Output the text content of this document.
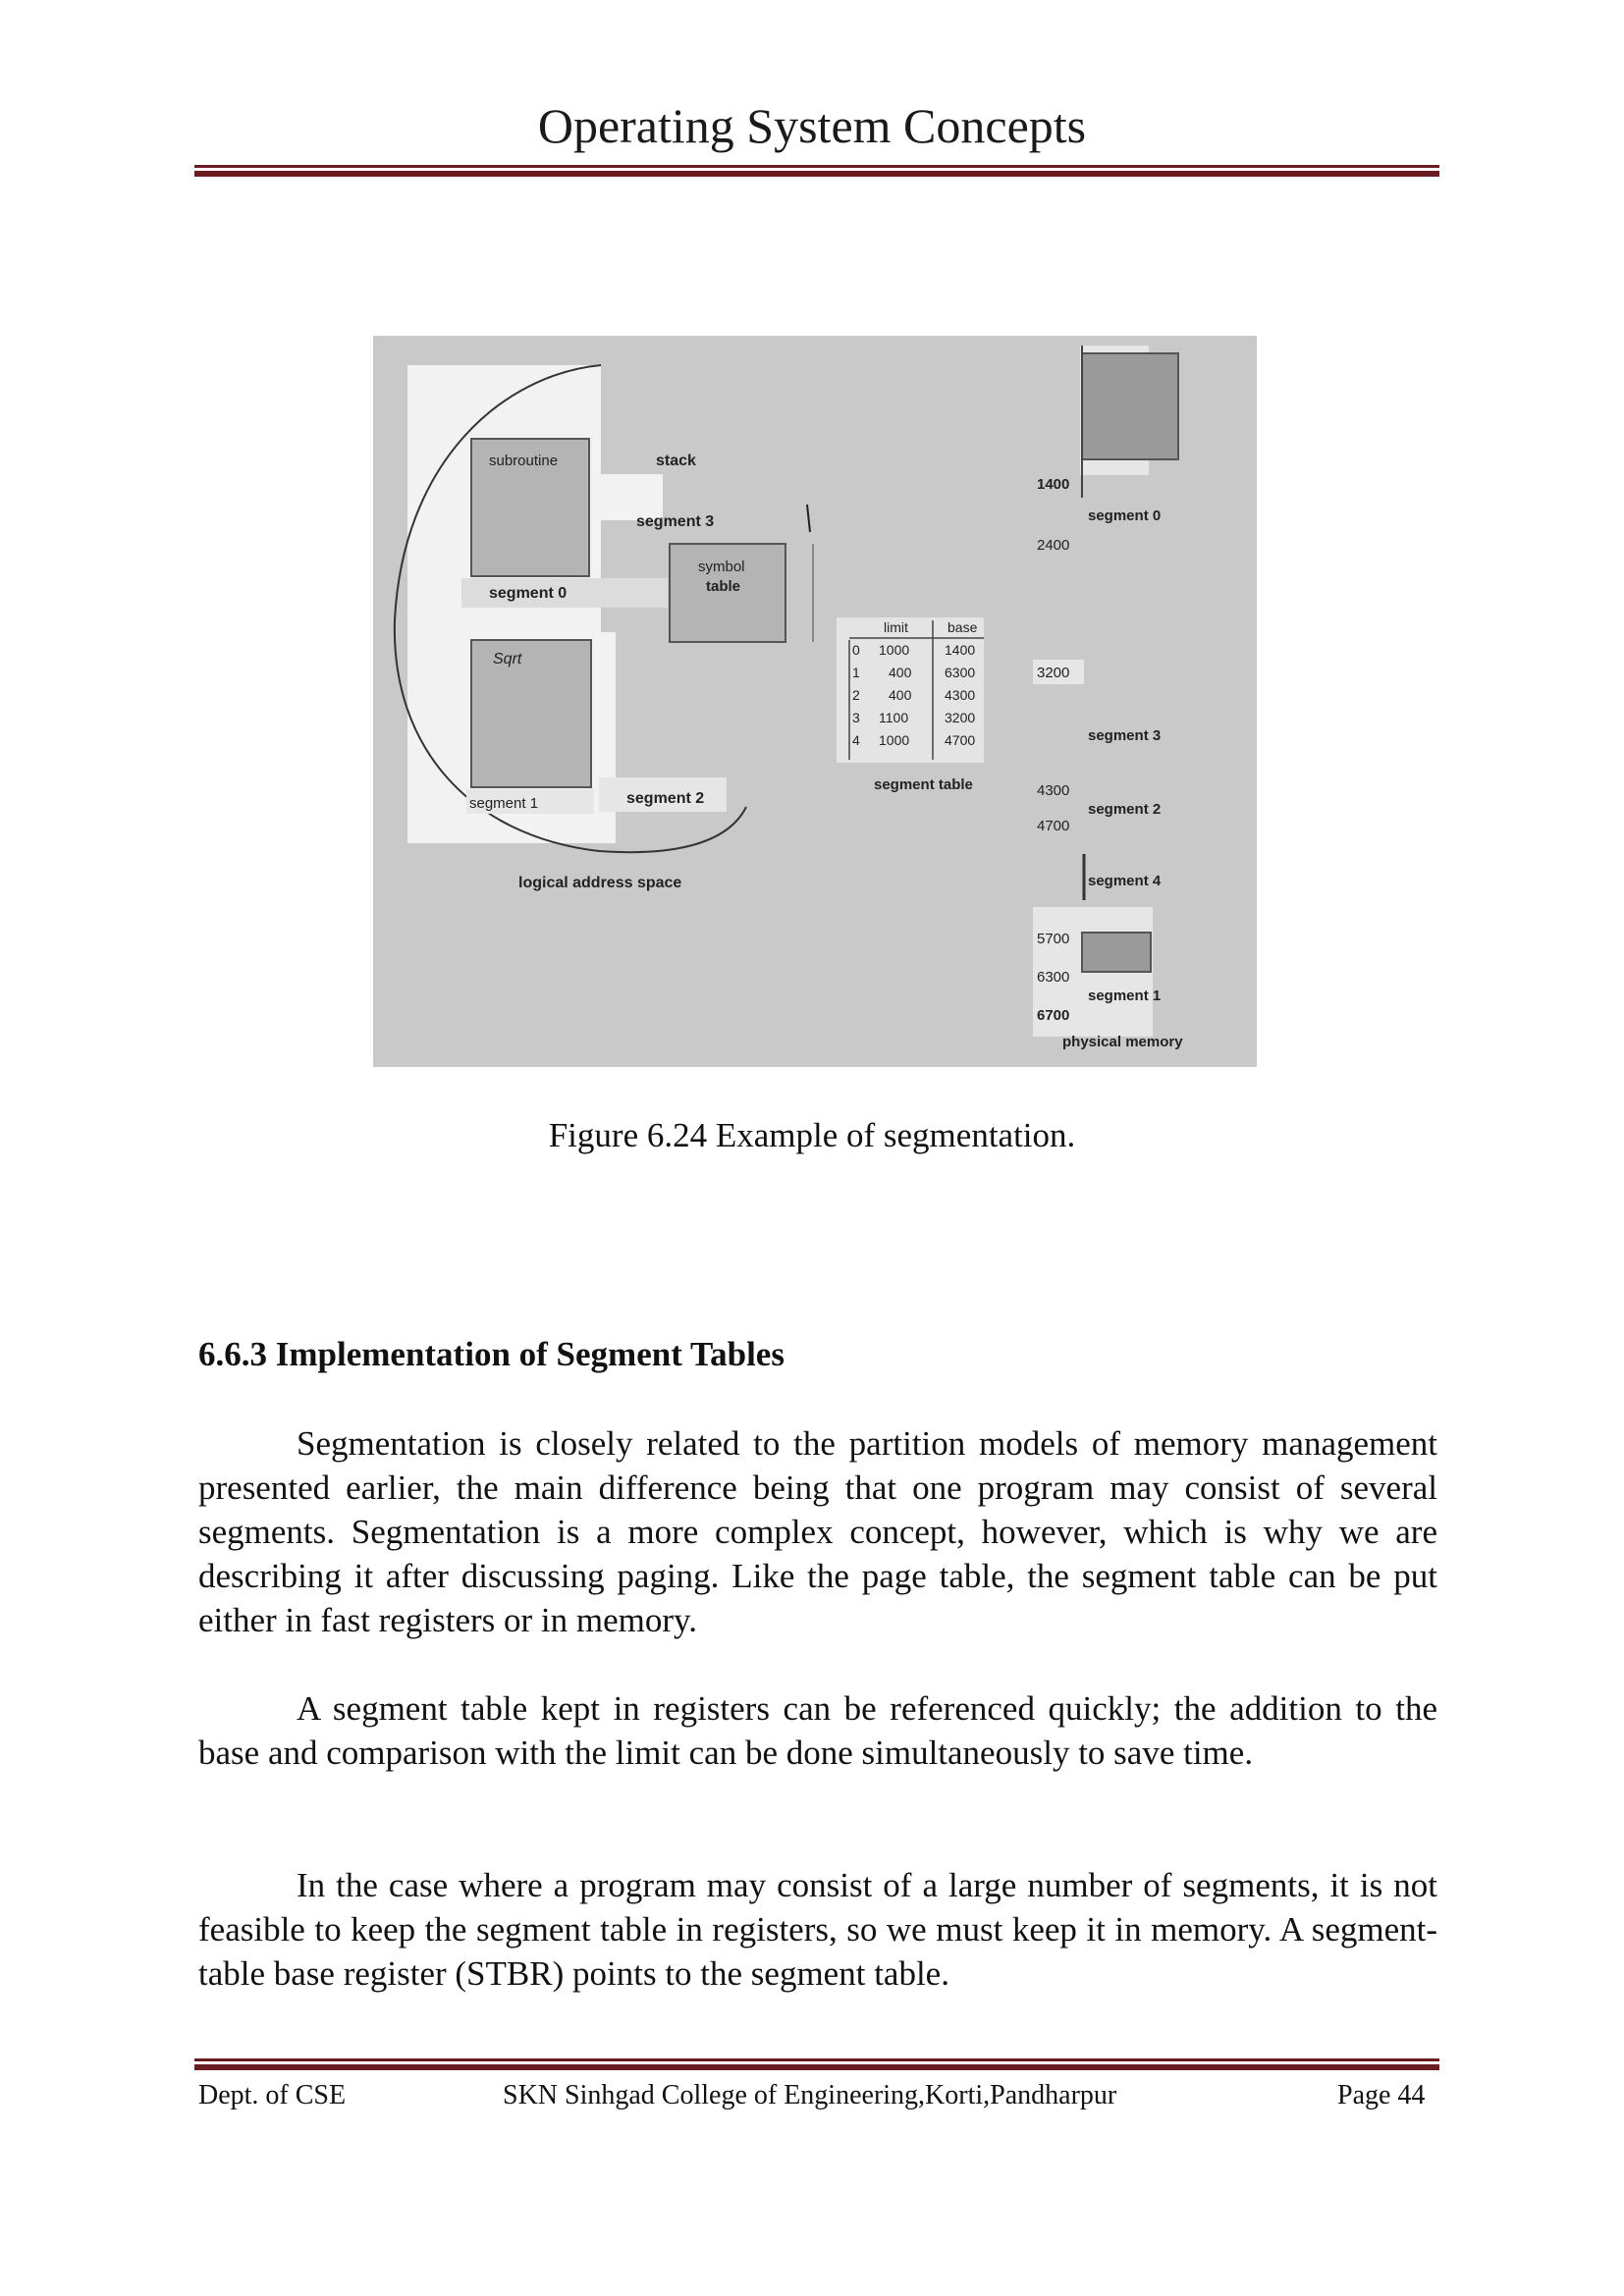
Operating System Concepts
subroutine	stack
segment 3
segment 0
symbol
table
Sqrt
segment 1	segment 2
logical address space
limit	base
0 1000	1400
1 400 6300
2 400 4300
3 1100	3200
4 1000	4700
segment table
1400
segment 0
2400
3200
segment 3
4300
segment 2
4700
segment 4
5700
6300
segment 1
6700
physical memory
Figure 6.24 Example of segmentation.
6.6.3 Implementation of Segment Tables

Segmentation is closely related to the partition models of memory management presented earlier, the main difference being that one program may consist of several segments. Segmentation is a more complex concept, however, which is why we are describing it after discussing paging. Like the page table, the segment table can be put either in fast registers or in memory.

A segment table kept in registers can be referenced quickly; the addition to the base and comparison with the limit can be done simultaneously to save time.

In the case where a program may consist of a large number of segments, it is not feasible to keep the segment table in registers, so we must keep it in memory. A segment-table base register (STBR) points to the segment table.

Dept. of CSE	SKN Sinhgad College of Engineering,Korti,Pandharpur	Page 44
